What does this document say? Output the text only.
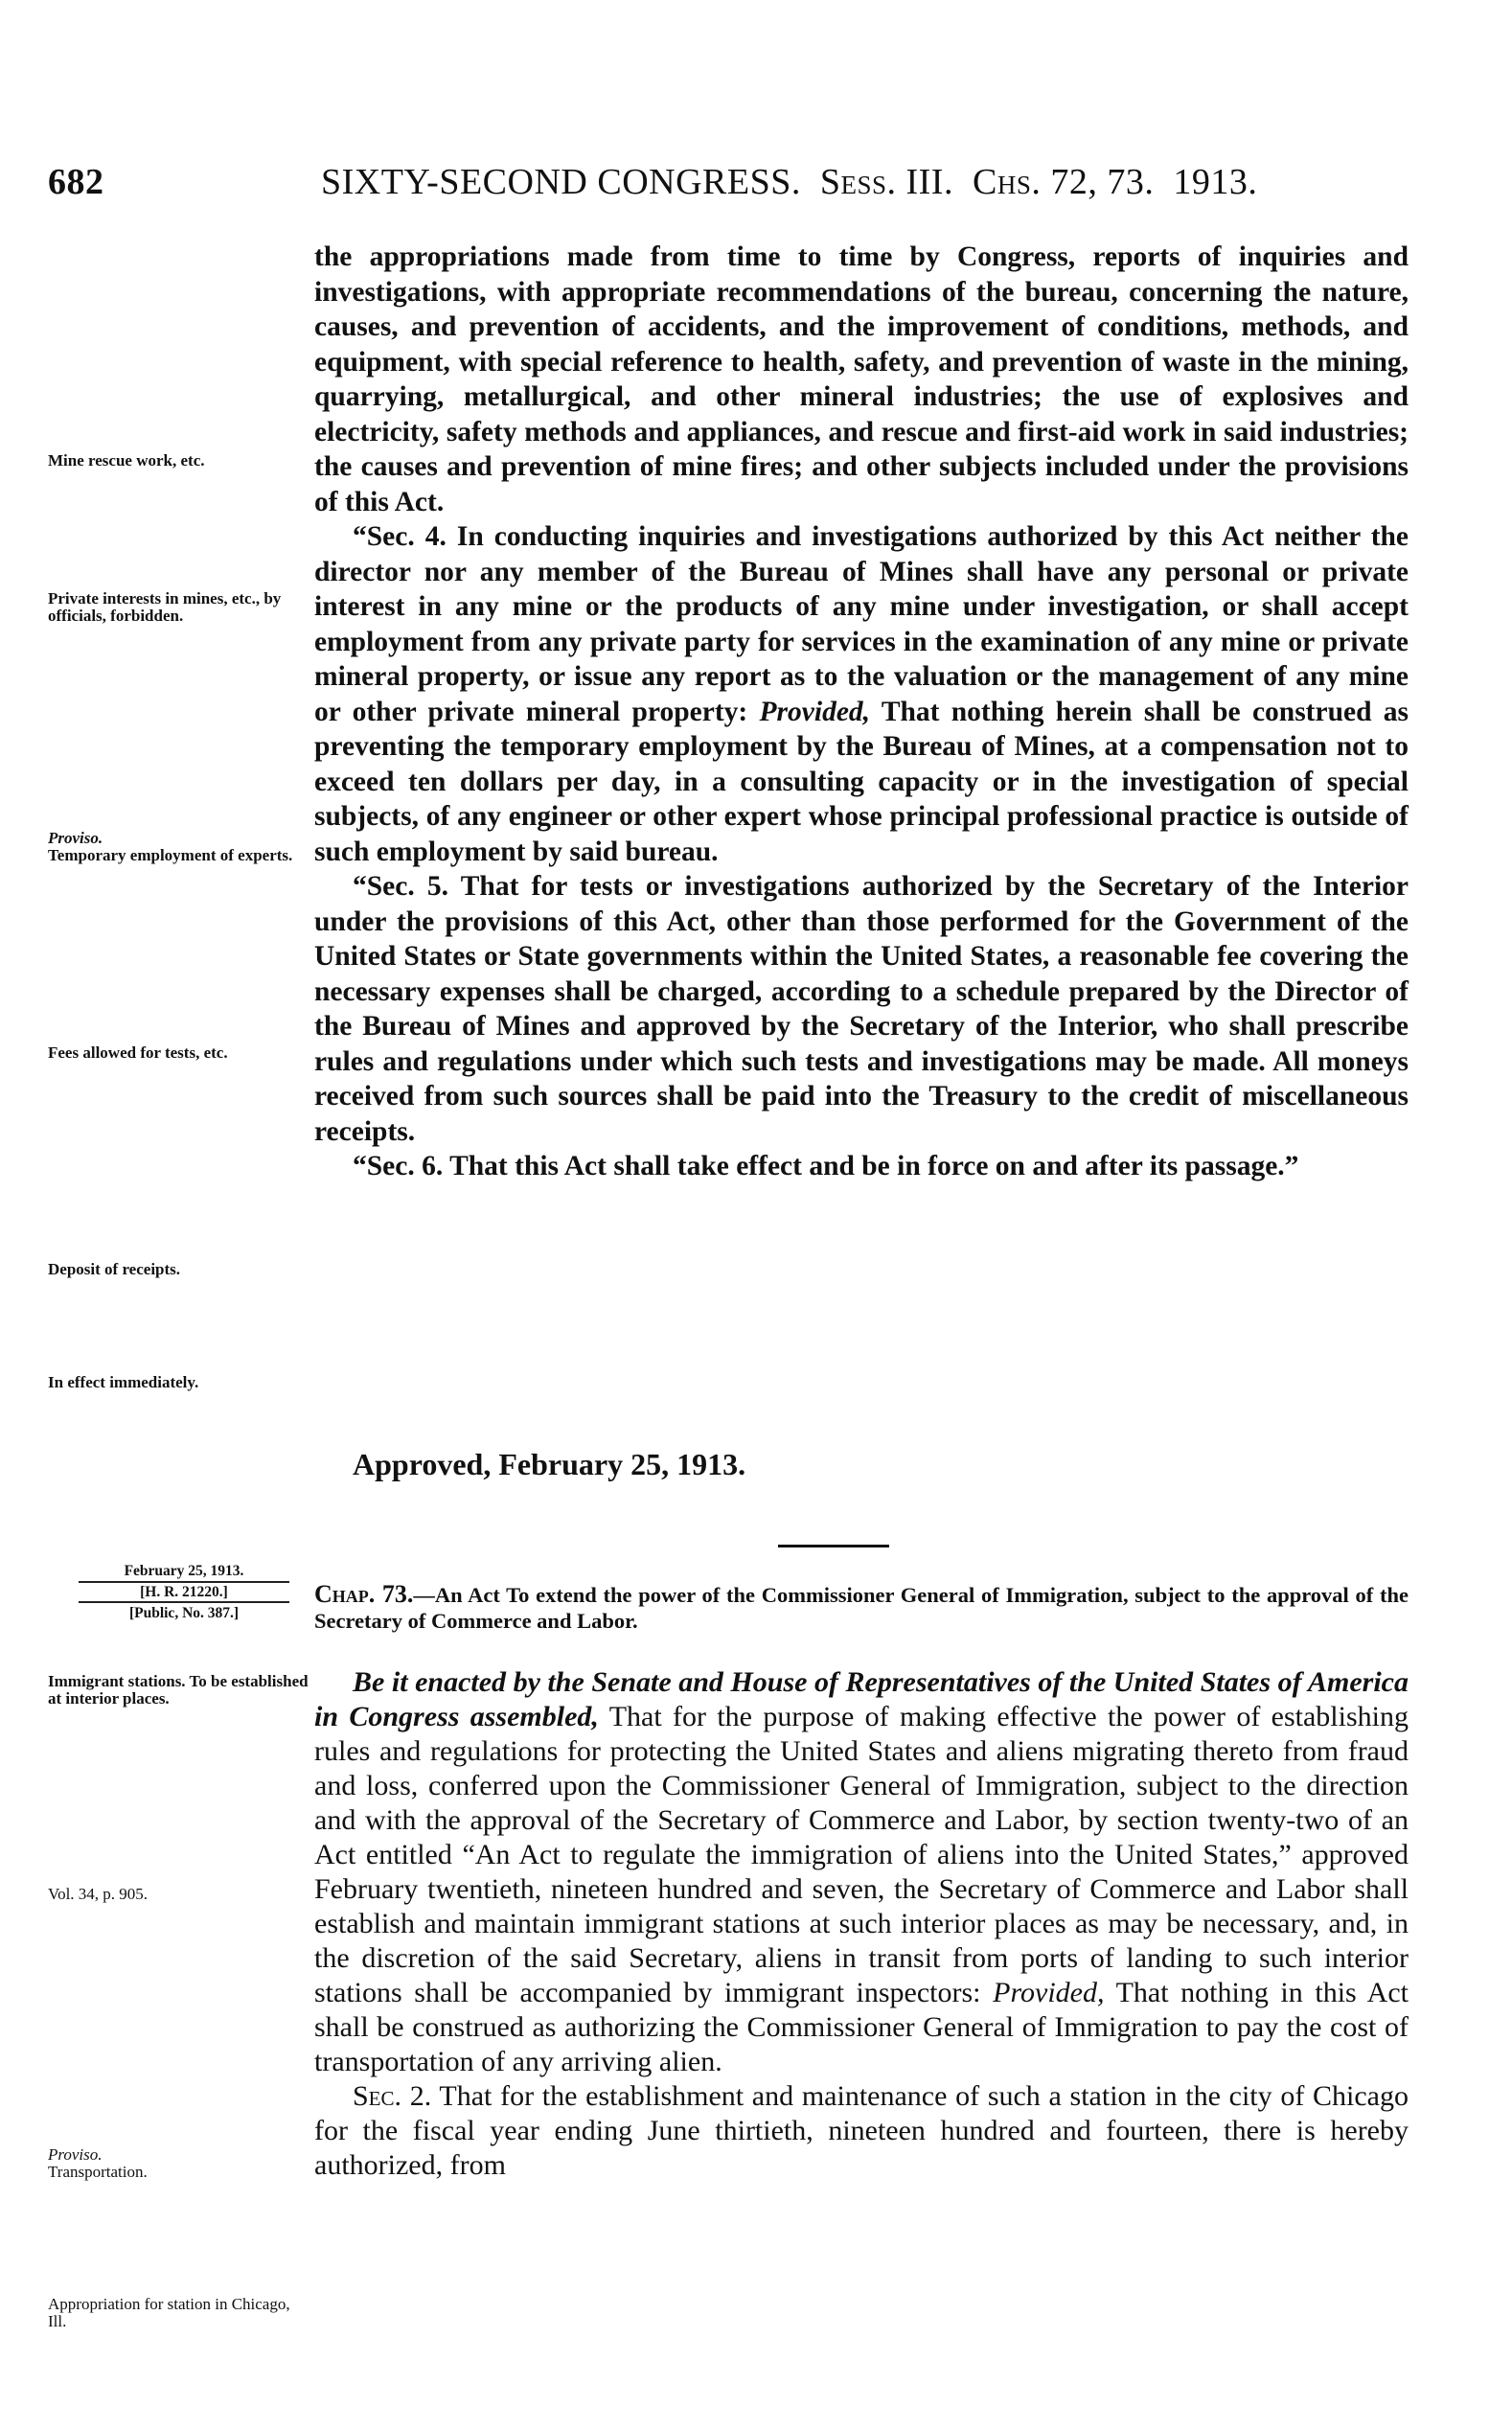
682	SIXTY-SECOND CONGRESS. Sess. III. Chs. 72, 73. 1913.

the appropriations made from time to time by Congress, reports of inquiries and investigations, with appropriate recommendations of the bureau, concerning the nature, causes, and prevention of accidents, and the improvement of conditions, methods, and equipment, with special reference to health, safety, and prevention of waste in the mining, quarrying, metallurgical, and other mineral industries; the use of explosives and electricity, safety methods and appliances, and rescue and first-aid work in said industries; the causes and prevention of mine fires; and other subjects included under the provisions of this Act.

“Sec. 4. In conducting inquiries and investigations authorized by this Act neither the director nor any member of the Bureau of Mines shall have any personal or private interest in any mine or the products of any mine under investigation, or shall accept employment from any private party for services in the examination of any mine or private mineral property, or issue any report as to the valuation or the management of any mine or other private mineral property: Provided, That nothing herein shall be construed as preventing the temporary employment by the Bureau of Mines, at a compensation not to exceed ten dollars per day, in a consulting capacity or in the investigation of special subjects, of any engineer or other expert whose principal professional practice is outside of such employment by said bureau.

“Sec. 5. That for tests or investigations authorized by the Secretary of the Interior under the provisions of this Act, other than those performed for the Government of the United States or State governments within the United States, a reasonable fee covering the necessary expenses shall be charged, according to a schedule prepared by the Director of the Bureau of Mines and approved by the Secretary of the Interior, who shall prescribe rules and regulations under which such tests and investigations may be made. All moneys received from such sources shall be paid into the Treasury to the credit of miscellaneous receipts.

“Sec. 6. That this Act shall take effect and be in force on and after its passage.”

Approved, February 25, 1913.
February 25, 1913.
[H. R. 21220.]
[Public, No. 387.]
Chap. 73.—An Act To extend the power of the Commissioner General of Immigration, subject to the approval of the Secretary of Commerce and Labor.

Be it enacted by the Senate and House of Representatives of the United States of America in Congress assembled, That for the purpose of making effective the power of establishing rules and regulations for protecting the United States and aliens migrating thereto from fraud and loss, conferred upon the Commissioner General of Immigration, subject to the direction and with the approval of the Secretary of Commerce and Labor, by section twenty-two of an Act entitled “An Act to regulate the immigration of aliens into the United States,” approved February twentieth, nineteen hundred and seven, the Secretary of Commerce and Labor shall establish and maintain immigrant stations at such interior places as may be necessary, and, in the discretion of the said Secretary, aliens in transit from ports of landing to such interior stations shall be accompanied by immigrant inspectors: Provided, That nothing in this Act shall be construed as authorizing the Commissioner General of Immigration to pay the cost of transportation of any arriving alien.

Sec. 2. That for the establishment and maintenance of such a station in the city of Chicago for the fiscal year ending June thirtieth, nineteen hundred and fourteen, there is hereby authorized, from

Mine rescue work, etc.
Private interests in mines, etc., by officials, forbidden.
Proviso.
Temporary employment of experts.
Fees allowed for tests, etc.
Deposit of receipts.
In effect immediately.
Immigrant stations. To be established at interior places.
Vol. 34, p. 905.
Proviso.
Transportation.
Appropriation for station in Chicago, Ill.
